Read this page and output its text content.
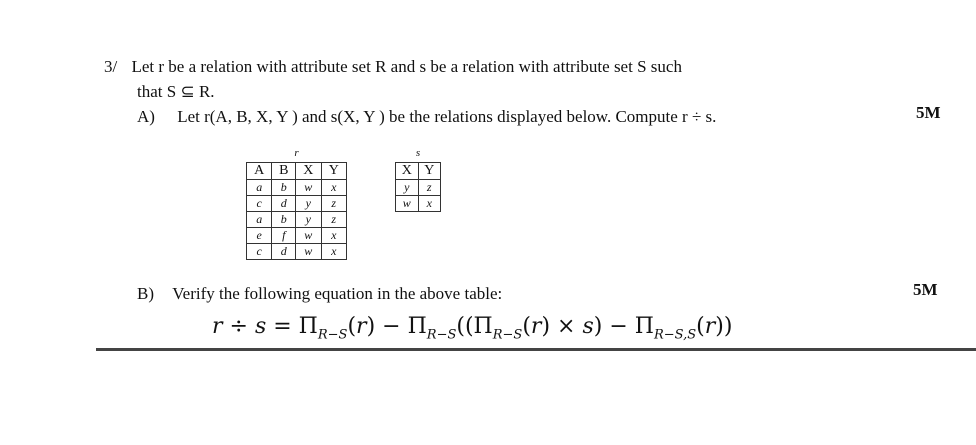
3/ Let r be a relation with attribute set R and s be a relation with attribute set S such
that S ⊆ R.
A) Let r(A, B, X, Y ) and s(X, Y ) be the relations displayed below. Compute r ÷ s.	5M
r			
A	B	X	Y
a	b	w	x
c	d	y	z
a	b	y	z
e	f	w	x
c	d	w	x
s	
X	Y
y	z
w	x
B) Verify the following equation in the above table:	5M
$r \div s = \Pi_{R-S}(r) - \Pi_{R-S}((\Pi_{R-S}(r) \times s) - \Pi_{R-S,S}(r))$
